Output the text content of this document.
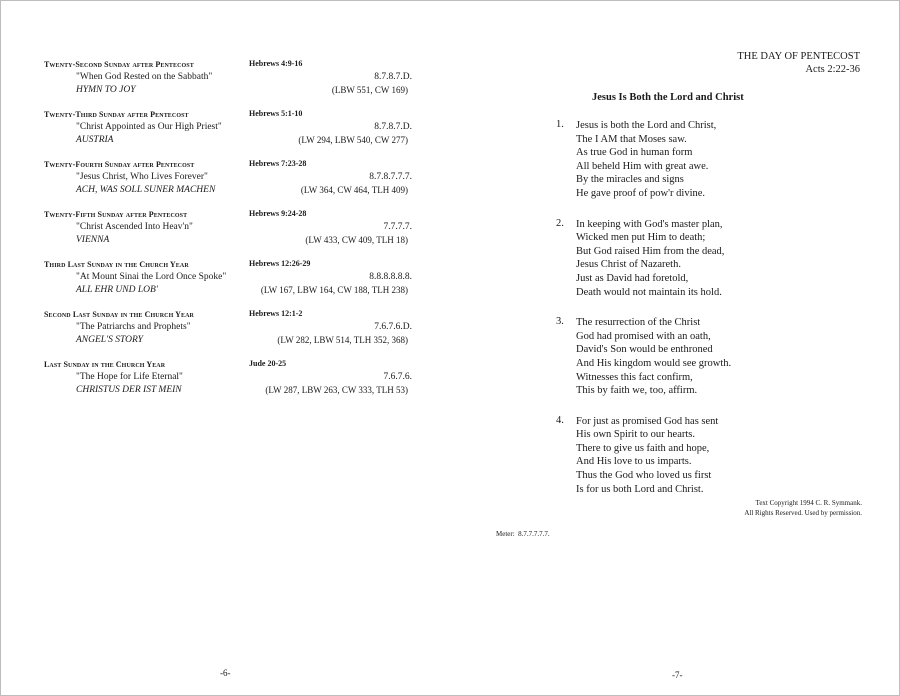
Twenty-Second Sunday after Pentecost	Hebrews 4:9-16
"When God Rested on the Sabbath"	8.7.8.7.D.
HYMN TO JOY	(LBW 551, CW 169)
Twenty-Third Sunday after Pentecost	Hebrews 5:1-10
"Christ Appointed as Our High Priest"	8.7.8.7.D.
AUSTRIA	(LW 294, LBW 540, CW 277)
Twenty-Fourth Sunday after Pentecost	Hebrews 7:23-28
"Jesus Christ, Who Lives Forever"	8.7.8.7.7.7.
ACH, WAS SOLL SUNER MACHEN	(LW 364, CW 464, TLH 409)
Twenty-Fifth Sunday after Pentecost	Hebrews 9:24-28
"Christ Ascended Into Heav'n"	7.7.7.7.
VIENNA	(LW 433, CW 409, TLH 18)
Third Last Sunday in the Church Year	Hebrews 12:26-29
"At Mount Sinai the Lord Once Spoke"	8.8.8.8.8.8.
ALL EHR UND LOB'	(LW 167, LBW 164, CW 188, TLH 238)
Second Last Sunday in the Church Year	Hebrews 12:1-2
"The Patriarchs and Prophets"	7.6.7.6.D.
ANGEL'S STORY	(LW 282, LBW 514, TLH 352, 368)
Last Sunday in the Church Year	Jude 20-25
"The Hope for Life Eternal"	7.6.7.6.
CHRISTUS DER IST MEIN	(LW 287, LBW 263, CW 333, TLH 53)
-6-
THE DAY OF PENTECOST
Acts 2:22-36
Jesus Is Both the Lord and Christ
1. Jesus is both the Lord and Christ,
The I AM that Moses saw.
As true God in human form
All beheld Him with great awe.
By the miracles and signs
He gave proof of pow'r divine.
2. In keeping with God's master plan,
Wicked men put Him to death;
But God raised Him from the dead,
Jesus Christ of Nazareth.
Just as David had foretold,
Death would not maintain its hold.
3. The resurrection of the Christ
God had promised with an oath,
David's Son would be enthroned
And His kingdom would see growth.
Witnesses this fact confirm,
This by faith we, too, affirm.
4. For just as promised God has sent
His own Spirit to our hearts.
There to give us faith and hope,
And His love to us imparts.
Thus the God who loved us first
Is for us both Lord and Christ.
Text Copyright 1994 C. R. Symmank.
All Rights Reserved. Used by permission.
Meter: 8.7.7.7.7.7.
-7-
